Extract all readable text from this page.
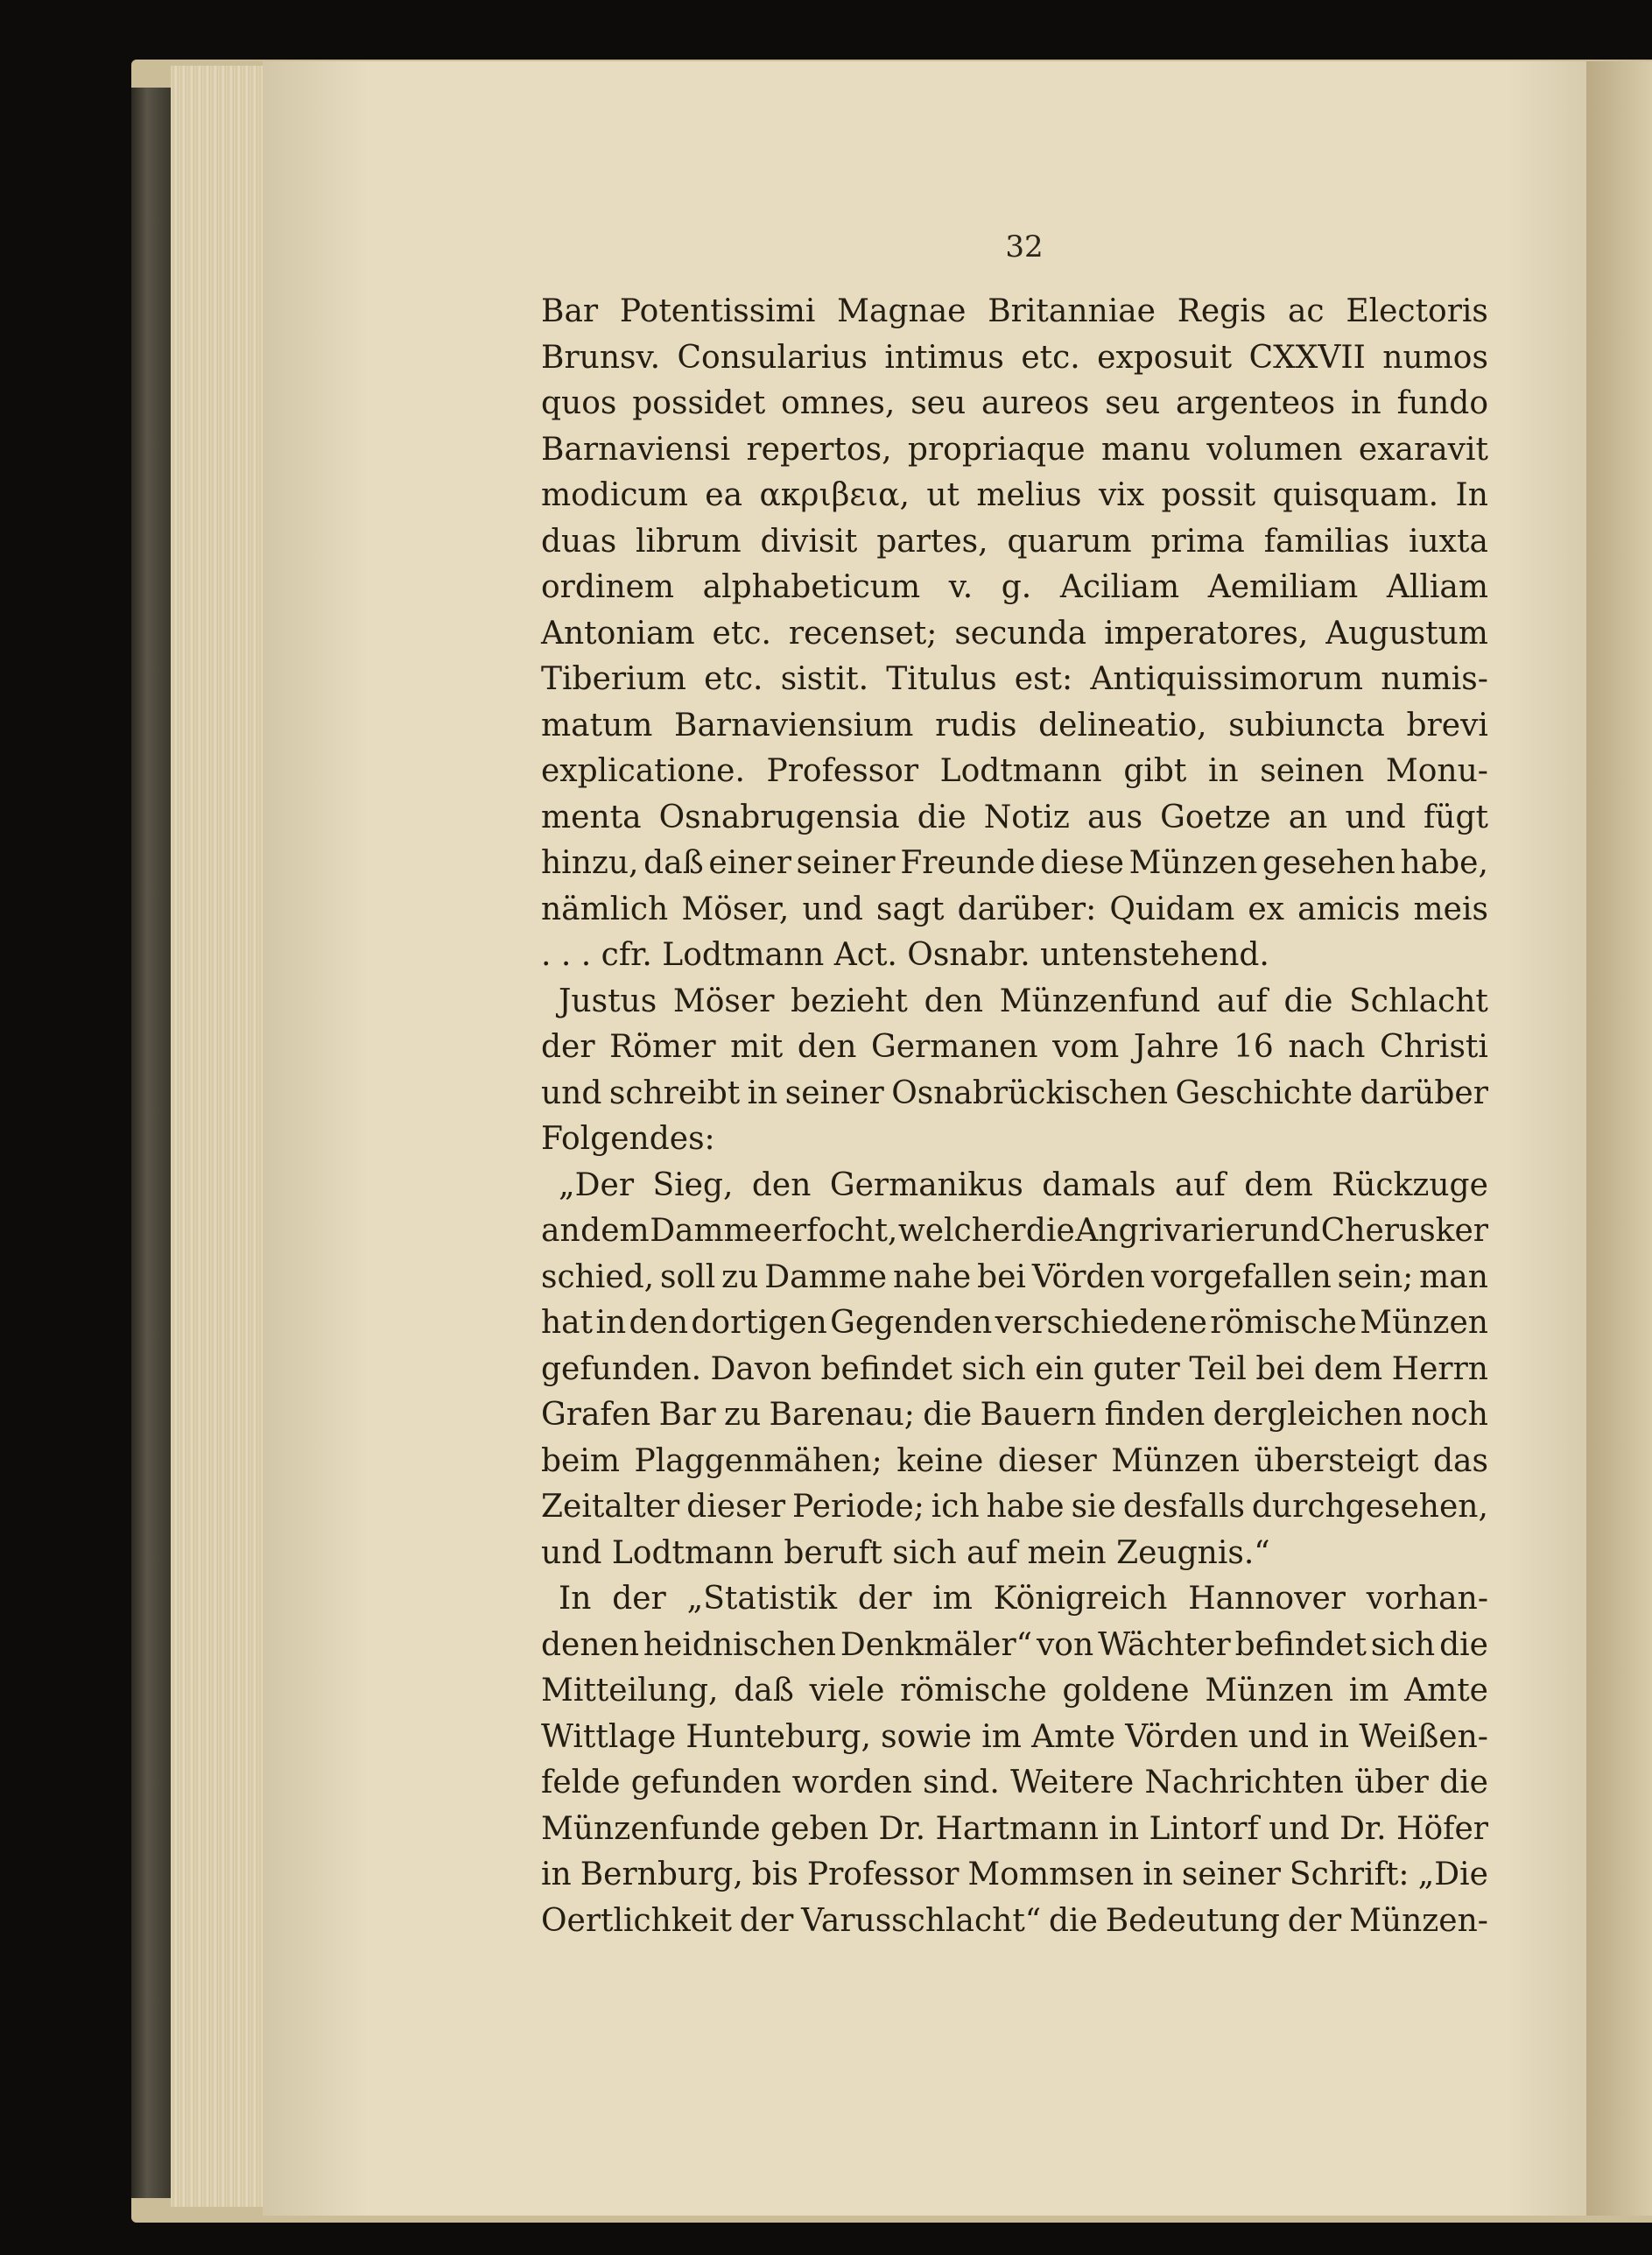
32
Bar Potentissimi Magnae Britanniae Regis ac Electoris
Brunsv. Consularius intimus etc. exposuit CXXVII numos
quos possidet omnes, seu aureos seu argenteos in fundo
Barnaviensi repertos, propriaque manu volumen exaravit
modicum ea ακριβεια, ut melius vix possit quisquam. In
duas librum divisit partes, quarum prima familias iuxta
ordinem alphabeticum v. g. Aciliam Aemiliam Alliam
Antoniam etc. recenset; secunda imperatores, Augustum
Tiberium etc. sistit. Titulus est: Antiquissimorum numis-
matum Barnaviensium rudis delineatio, subiuncta brevi
explicatione. Professor Lodtmann gibt in seinen Monu-
menta Osnabrugensia die Notiz aus Goetze an und fügt
hinzu, daß einer seiner Freunde diese Münzen gesehen habe,
nämlich Möser, und sagt darüber: Quidam ex amicis meis
. . . cfr. Lodtmann Act. Osnabr. untenstehend.
Justus Möser bezieht den Münzenfund auf die Schlacht
der Römer mit den Germanen vom Jahre 16 nach Christi
und schreibt in seiner Osnabrückischen Geschichte darüber
Folgendes:
„Der Sieg, den Germanikus damals auf dem Rückzuge
an dem Damme erfocht, welcher die Angrivarier und Cherusker
schied, soll zu Damme nahe bei Vörden vorgefallen sein; man
hat in den dortigen Gegenden verschiedene römische Münzen
gefunden. Davon befindet sich ein guter Teil bei dem Herrn
Grafen Bar zu Barenau; die Bauern finden dergleichen noch
beim Plaggenmähen; keine dieser Münzen übersteigt das
Zeitalter dieser Periode; ich habe sie desfalls durchgesehen,
und Lodtmann beruft sich auf mein Zeugnis.“
In der „Statistik der im Königreich Hannover vorhan-
denen heidnischen Denkmäler“ von Wächter befindet sich die
Mitteilung, daß viele römische goldene Münzen im Amte
Wittlage Hunteburg, sowie im Amte Vörden und in Weißen-
felde gefunden worden sind. Weitere Nachrichten über die
Münzenfunde geben Dr. Hartmann in Lintorf und Dr. Höfer
in Bernburg, bis Professor Mommsen in seiner Schrift: „Die
Oertlichkeit der Varusschlacht“ die Bedeutung der Münzen-
